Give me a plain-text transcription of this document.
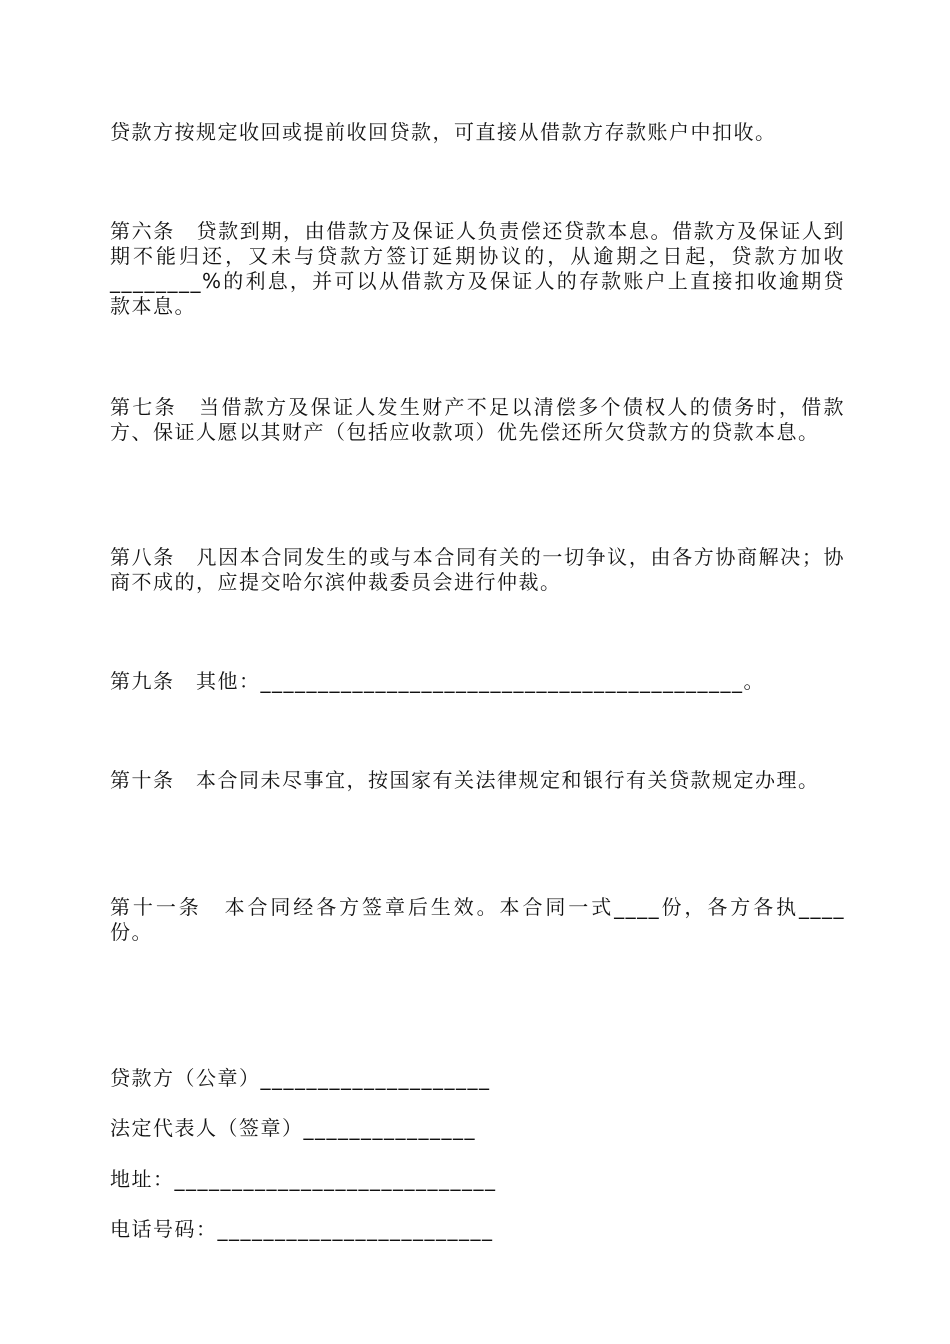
贷款方按规定收回或提前收回贷款，可直接从借款方存款账户中扣收。

第六条　贷款到期，由借款方及保证人负责偿还贷款本息。借款方及保证人到期不能归还，又未与贷款方签订延期协议的，从逾期之日起，贷款方加收________%的利息，并可以从借款方及保证人的存款账户上直接扣收逾期贷款本息。

第七条　当借款方及保证人发生财产不足以清偿多个债权人的债务时，借款方、保证人愿以其财产（包括应收款项）优先偿还所欠贷款方的贷款本息。

第八条　凡因本合同发生的或与本合同有关的一切争议，由各方协商解决；协商不成的，应提交哈尔滨仲裁委员会进行仲裁。

第九条　其他：__________________________________________。

第十条　本合同未尽事宜，按国家有关法律规定和银行有关贷款规定办理。

第十一条　本合同经各方签章后生效。本合同一式____份，各方各执____份。

贷款方（公章）____________________

法定代表人（签章）_______________

地址：____________________________

电话号码：________________________
